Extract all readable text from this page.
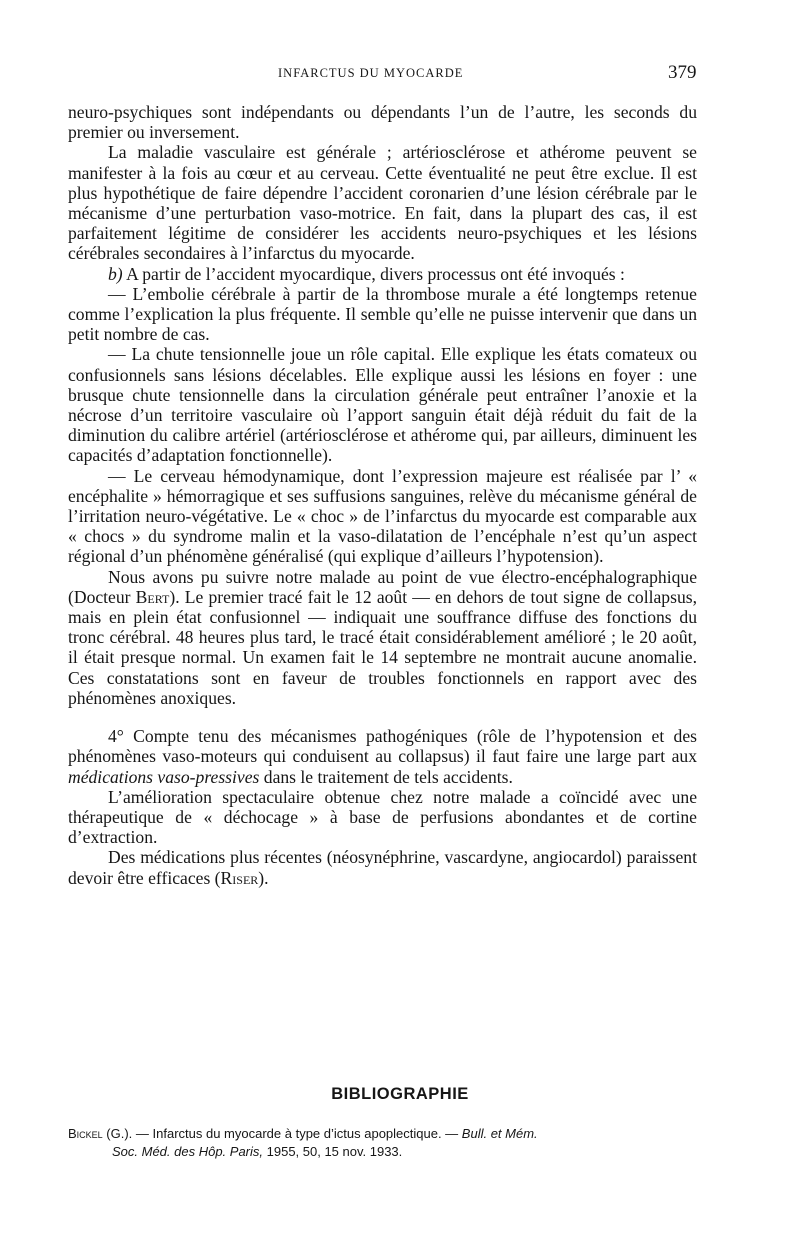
INFARCTUS DU MYOCARDE	379

neuro-psychiques sont indépendants ou dépendants l’un de l’autre, les seconds du premier ou inversement.

La maladie vasculaire est générale ; artériosclérose et athérome peuvent se manifester à la fois au cœur et au cerveau. Cette éventualité ne peut être exclue. Il est plus hypothétique de faire dépendre l’accident coronarien d’une lésion cérébrale par le mécanisme d’une perturbation vaso-motrice. En fait, dans la plupart des cas, il est parfaitement légitime de considérer les accidents neuro-psychiques et les lésions cérébrales secondaires à l’infarctus du myocarde.

b) A partir de l’accident myocardique, divers processus ont été invoqués :

— L’embolie cérébrale à partir de la thrombose murale a été longtemps retenue comme l’explication la plus fréquente. Il semble qu’elle ne puisse intervenir que dans un petit nombre de cas.

— La chute tensionnelle joue un rôle capital. Elle explique les états comateux ou confusionnels sans lésions décelables. Elle explique aussi les lésions en foyer : une brusque chute tensionnelle dans la circulation générale peut entraîner l’anoxie et la nécrose d’un territoire vasculaire où l’apport sanguin était déjà réduit du fait de la diminution du calibre artériel (artériosclérose et athérome qui, par ailleurs, diminuent les capacités d’adaptation fonctionnelle).

— Le cerveau hémodynamique, dont l’expression majeure est réalisée par l’ « encéphalite » hémorragique et ses suffusions sanguines, relève du mécanisme général de l’irritation neuro-végétative. Le « choc » de l’infarctus du myocarde est comparable aux « chocs » du syndrome malin et la vaso-dilatation de l’encéphale n’est qu’un aspect régional d’un phénomène généralisé (qui explique d’ailleurs l’hypotension).

Nous avons pu suivre notre malade au point de vue électro-encéphalographique (Docteur Bert). Le premier tracé fait le 12 août — en dehors de tout signe de collapsus, mais en plein état confusionnel — indiquait une souffrance diffuse des fonctions du tronc cérébral. 48 heures plus tard, le tracé était considérablement amélioré ; le 20 août, il était presque normal. Un examen fait le 14 septembre ne montrait aucune anomalie. Ces constatations sont en faveur de troubles fonctionnels en rapport avec des phénomènes anoxiques.

4° Compte tenu des mécanismes pathogéniques (rôle de l’hypotension et des phénomènes vaso-moteurs qui conduisent au collapsus) il faut faire une large part aux médications vaso-pressives dans le traitement de tels accidents.

L’amélioration spectaculaire obtenue chez notre malade a coïncidé avec une thérapeutique de « déchocage » à base de perfusions abondantes et de cortine d’extraction.

Des médications plus récentes (néosynéphrine, vascardyne, angiocardol) paraissent devoir être efficaces (Riser).

BIBLIOGRAPHIE
Bickel (G.). — Infarctus du myocarde à type d’ictus apoplectique. — Bull. et Mém.
Soc. Méd. des Hôp. Paris, 1955, 50, 15 nov. 1933.
